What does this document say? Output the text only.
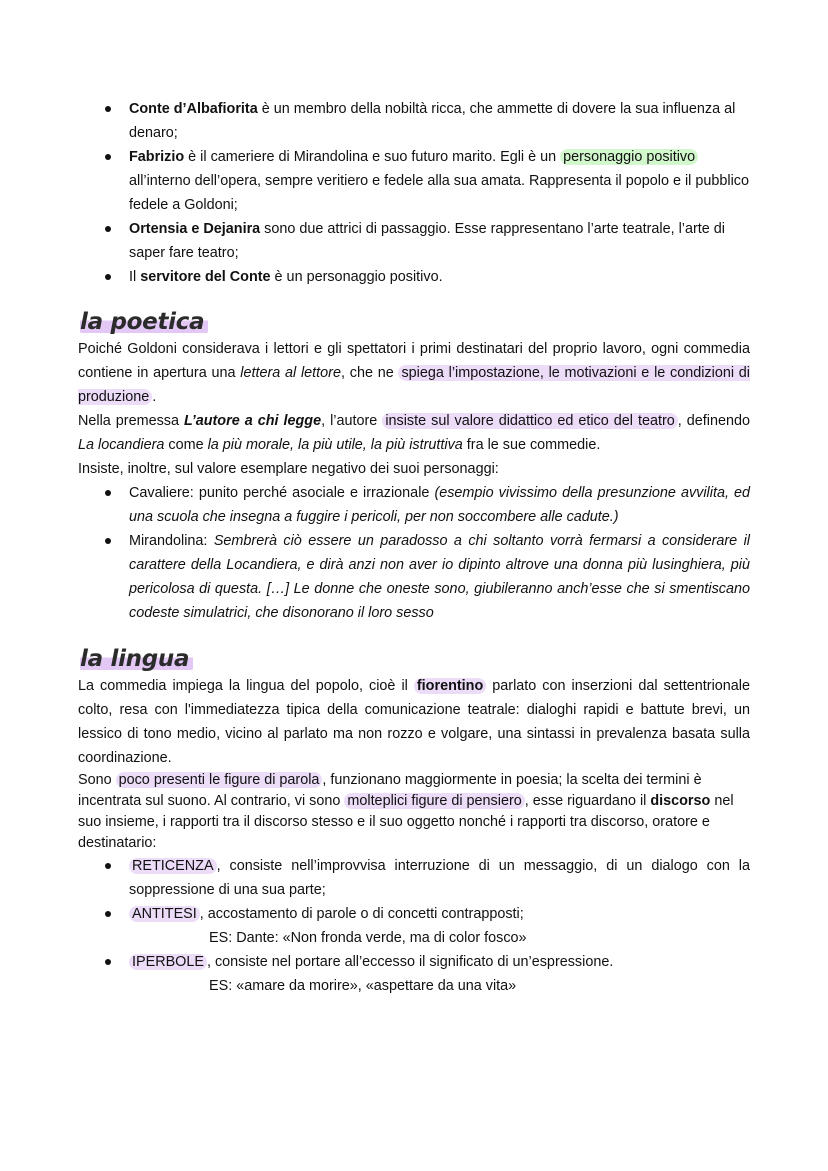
Conte d’Albafiorita è un membro della nobiltà ricca, che ammette di dovere la sua influenza al denaro;
Fabrizio è il cameriere di Mirandolina e suo futuro marito. Egli è un personaggio positivo all’interno dell’opera, sempre veritiero e fedele alla sua amata. Rappresenta il popolo e il pubblico fedele a Goldoni;
Ortensia e Dejanira sono due attrici di passaggio. Esse rappresentano l’arte teatrale, l’arte di saper fare teatro;
Il servitore del Conte è un personaggio positivo.
la poetica
Poiché Goldoni considerava i lettori e gli spettatori i primi destinatari del proprio lavoro, ogni commedia contiene in apertura una lettera al lettore, che ne spiega l’impostazione, le motivazioni e le condizioni di produzione .
Nella premessa L’autore a chi legge, l’autore insiste sul valore didattico ed etico del teatro , definendo La locandiera come la più morale, la più utile, la più istruttiva fra le sue commedie.
Insiste, inoltre, sul valore esemplare negativo dei suoi personaggi:
Cavaliere: punito perché asociale e irrazionale (esempio vivissimo della presunzione avvilita, ed una scuola che insegna a fuggire i pericoli, per non soccombere alle cadute.)
Mirandolina: Sembrerà ciò essere un paradosso a chi soltanto vorrà fermarsi a considerare il carattere della Locandiera, e dirà anzi non aver io dipinto altrove una donna più lusinghiera, più pericolosa di questa. […] Le donne che oneste sono, giubileranno anch’esse che si smentiscano codeste simulatrici, che disonorano il loro sesso
la lingua
La commedia impiega la lingua del popolo, cioè il fiorentino parlato con inserzioni dal settentrionale colto, resa con l'immediatezza tipica della comunicazione teatrale: dialoghi rapidi e battute brevi, un lessico di tono medio, vicino al parlato ma non rozzo e volgare, una sintassi in prevalenza basata sulla coordinazione.
Sono poco presenti le figure di parola , funzionano maggiormente in poesia; la scelta dei termini è incentrata sul suono. Al contrario, vi sono molteplici figure di pensiero , esse riguardano il discorso nel suo insieme, i rapporti tra il discorso stesso e il suo oggetto nonché i rapporti tra discorso, oratore e destinatario:
RETICENZA , consiste nell’improvvisa interruzione di un messaggio, di un dialogo con la soppressione di una sua parte;
ANTITESI , accostamento di parole o di concetti contrapposti;
ES: Dante: «Non fronda verde, ma di color fosco»
IPERBOLE , consiste nel portare all’eccesso il significato di un’espressione.
ES: «amare da morire», «aspettare da una vita»
